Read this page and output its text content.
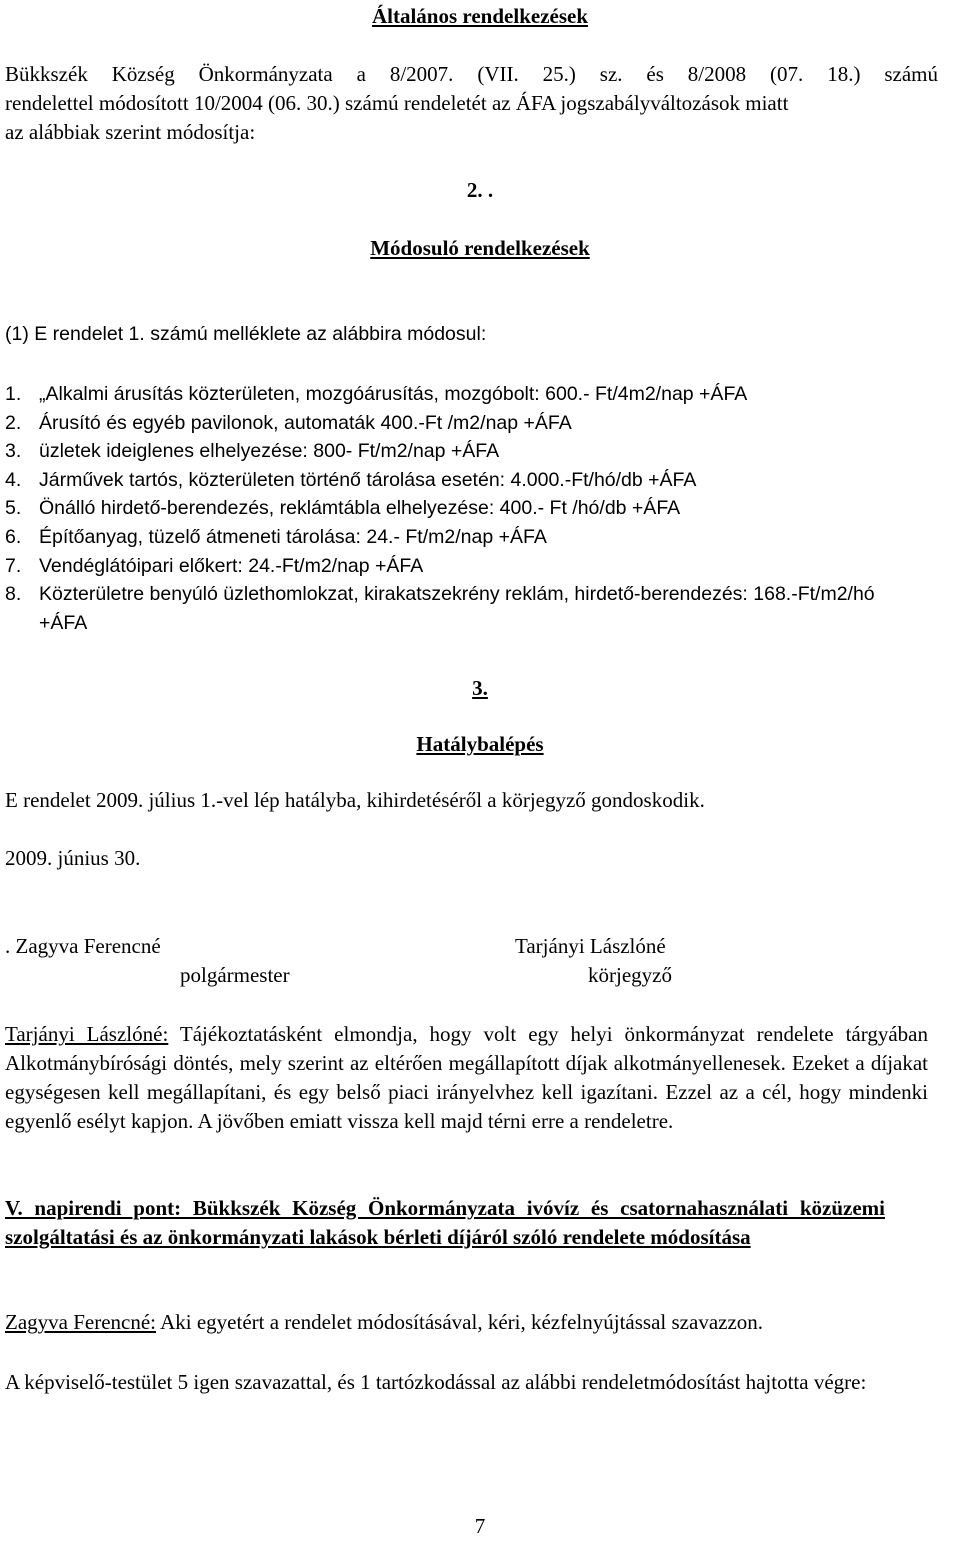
Általános rendelkezések
Bükkszék Község Önkormányzata a 8/2007. (VII. 25.) sz. és 8/2008 (07. 18.) számú
rendelettel módosított 10/2004 (06. 30.) számú rendeletét az ÁFA jogszabályváltozások miatt
az alábbiak szerint módosítja:
2. .
Módosuló rendelkezések
(1) E rendelet 1. számú melléklete az alábbira módosul:
1. „Alkalmi árusítás közterületen, mozgóárusítás, mozgóbolt: 600.- Ft/4m2/nap +ÁFA
2. Árusító és egyéb pavilonok, automaták 400.-Ft /m2/nap +ÁFA
3. üzletek ideiglenes elhelyezése: 800- Ft/m2/nap +ÁFA
4. Járművek tartós, közterületen történő tárolása esetén: 4.000.-Ft/hó/db +ÁFA
5. Önálló hirdető-berendezés, reklámtábla elhelyezése: 400.- Ft /hó/db +ÁFA
6. Építőanyag, tüzelő átmeneti tárolása: 24.- Ft/m2/nap +ÁFA
7. Vendéglátóipari előkert: 24.-Ft/m2/nap +ÁFA
8. Közterületre benyúló üzlethomlokzat, kirakatszekrény reklám, hirdető-berendezés: 168.-Ft/m2/hó +ÁFA
3.
Hatálybalépés
E rendelet 2009. július 1.-vel lép hatályba, kihirdetéséről a körjegyző gondoskodik.
2009. június 30.
. Zagyva Ferencné
polgármester
Tarjányi Lászlóné
körjegyző
Tarjányi Lászlóné: Tájékoztatásként elmondja, hogy volt egy helyi önkormányzat rendelete tárgyában Alkotmánybírósági döntés, mely szerint az eltérően megállapított díjak alkotmányellenesek. Ezeket a díjakat egységesen kell megállapítani, és egy belső piaci irányelvhez kell igazítani. Ezzel az a cél, hogy mindenki egyenlő esélyt kapjon. A jövőben emiatt vissza kell majd térni erre a rendeletre.
V. napirendi pont: Bükkszék Község Önkormányzata ivóvíz és csatornahasználati közüzemi szolgáltatási és az önkormányzati lakások bérleti díjáról szóló rendelete módosítása
Zagyva Ferencné: Aki egyetért a rendelet módosításával, kéri, kézfelnyújtással szavazzon.
A képviselő-testület 5 igen szavazattal, és 1 tartózkodással az alábbi rendeletmódosítást hajtotta végre:
7
